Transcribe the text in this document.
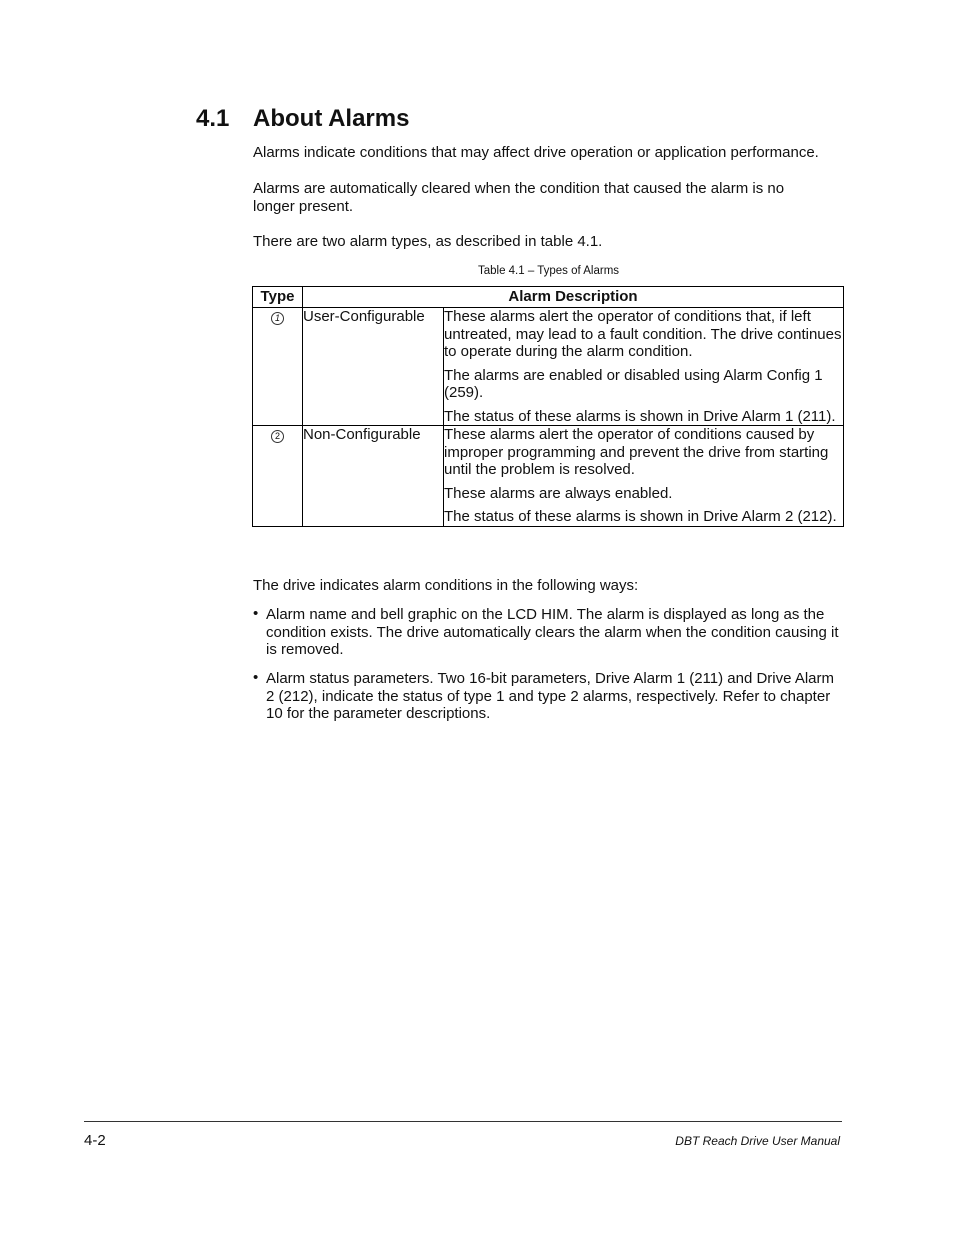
4.1 About Alarms

Alarms indicate conditions that may affect drive operation or application performance.

Alarms are automatically cleared when the condition that caused the alarm is no longer present.

There are two alarm types, as described in table 4.1.

Table 4.1 – Types of Alarms

Type	Alarm Description	
1	User-Configurable	These alarms alert the operator of conditions that, if left untreated, may lead to a fault condition. The drive continues to operate during the alarm condition.

The alarms are enabled or disabled using Alarm Config 1 (259).

The status of these alarms is shown in Drive Alarm 1 (211).

2	Non-Configurable	These alarms alert the operator of conditions caused by improper programming and prevent the drive from starting until the problem is resolved.

These alarms are always enabled.

The status of these alarms is shown in Drive Alarm 2 (212).

The drive indicates alarm conditions in the following ways:

• Alarm name and bell graphic on the LCD HIM. The alarm is displayed as long as the condition exists. The drive automatically clears the alarm when the condition causing it is removed.

• Alarm status parameters. Two 16-bit parameters, Drive Alarm 1 (211) and Drive Alarm 2 (212), indicate the status of type 1 and type 2 alarms, respectively. Refer to chapter 10 for the parameter descriptions.

4-2	DBT Reach Drive User Manual
